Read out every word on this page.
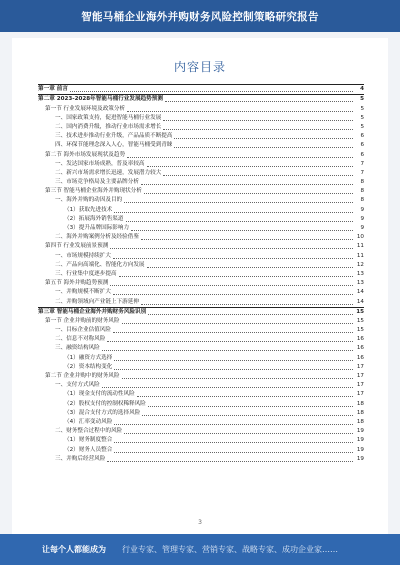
智能马桶企业海外并购财务风险控制策略研究报告
内容目录
第一章 前言	4
第二章 2023-2028年智能马桶行业发展趋势预测	5
第一节 行业发展环境及政策分析	5
一、国家政策支持，促进智能马桶行业发展	5
二、国内消费升级，推动行业市场需求增长	5
三、技术进步推动行业升级，产品品质不断提高	6
四、环保节能理念深入人心，智能马桶受到青睐	6
第二节 海外市场发展现状及趋势	6
一、发达国家市场成熟，普及率较高	7
二、新兴市场需求增长迅速，发展潜力较大	7
三、市场竞争格局及主要品牌分析	8
第三节 智能马桶企业海外并购现状分析	8
一、海外并购的动因及目的	8
（1）获取先进技术	9
（2）拓展海外销售渠道	9
（3）提升品牌国际影响力	9
二、海外并购案例分析及经验借鉴	10
第四节 行业发展前景预测	11
一、市场规模持续扩大	11
二、产品向高端化、智能化方向发展	12
三、行业集中度逐步提高	13
第五节 海外并购趋势预测	13
一、并购规模不断扩大	14
二、并购领域向产业链上下游延伸	14
第三章 智能马桶企业海外并购财务风险识别	15
第一节 企业并购前的财务风险	15
一、目标企业估值风险	15
二、信息不对称风险	16
三、融资结构风险	16
（1）融资方式选择	16
（2）资本结构变化	17
第二节 企业并购中的财务风险	17
一、支付方式风险	17
（1）现金支付的流动性风险	17
（2）股权支付的控制权稀释风险	18
（3）混合支付方式的选择风险	18
（4）汇率变动风险	18
二、财务整合过程中的风险	19
（1）财务制度整合	19
（2）财务人员整合	19
三、并购后经营风险	19
3
让每个人都能成为 行业专家、管理专家、营销专家、战略专家、成功企业家……
